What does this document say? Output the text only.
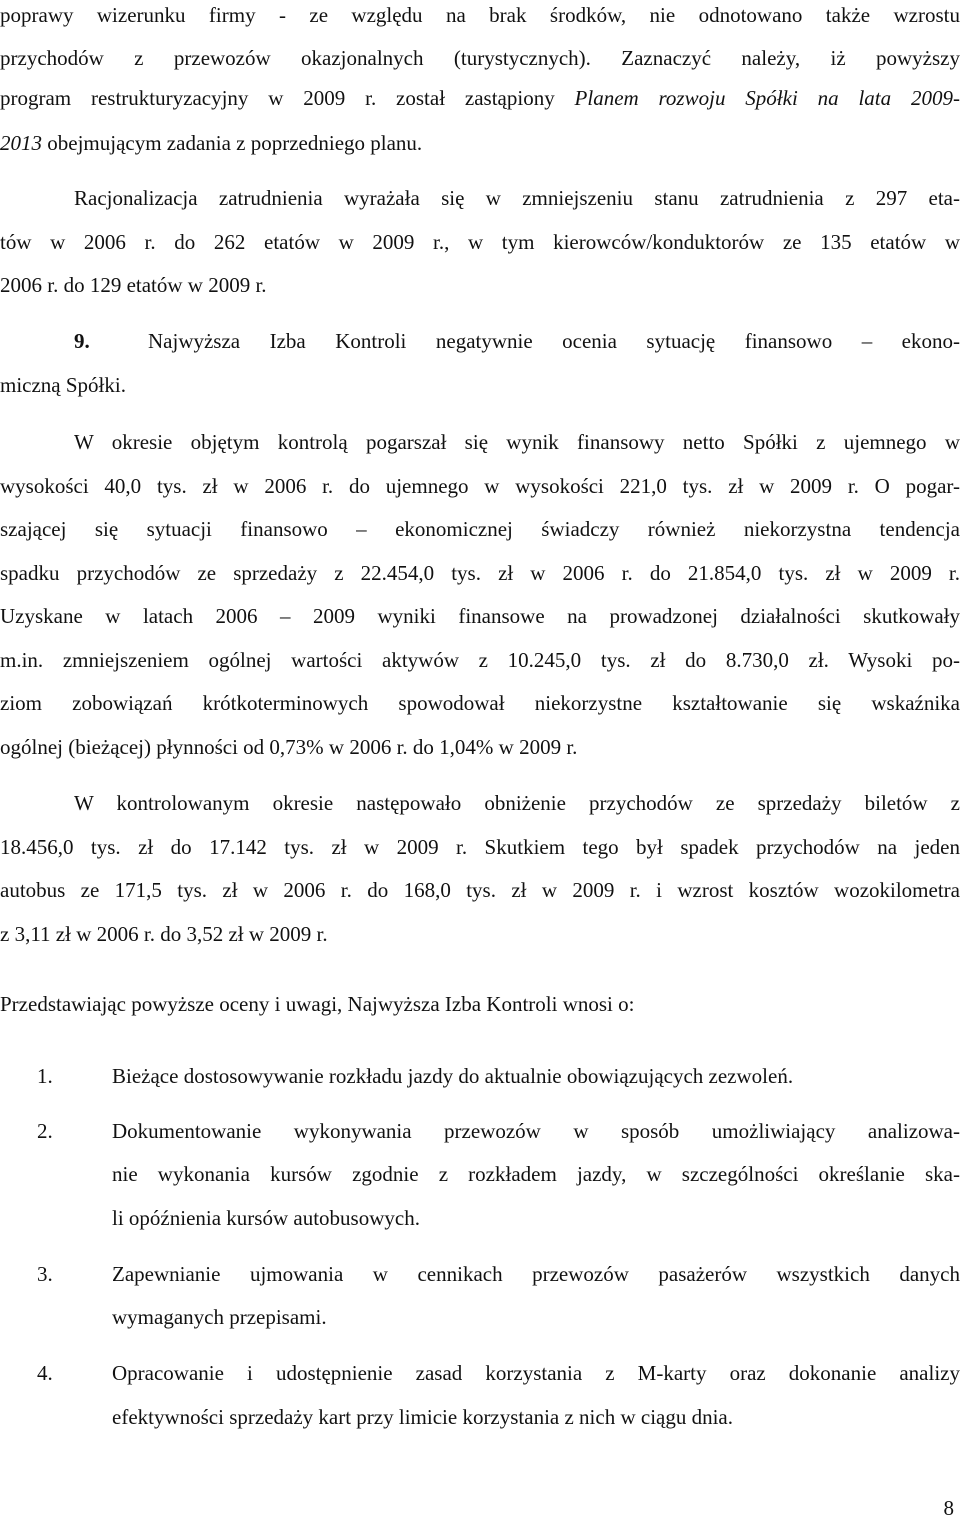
poprawy wizerunku firmy - ze względu na brak środków, nie odnotowano także wzrostu
przychodów z przewozów okazjonalnych (turystycznych). Zaznaczyć należy, iż powyższy
program restrukturyzacyjny w 2009 r. został zastąpiony Planem rozwoju Spółki na lata 2009-
2013 obejmującym zadania z poprzedniego planu.
Racjonalizacja zatrudnienia wyrażała się w zmniejszeniu stanu zatrudnienia z 297 eta-
tów w 2006 r. do 262 etatów w 2009 r., w tym kierowców/konduktorów ze 135 etatów w
2006 r. do 129 etatów w 2009 r.
9.	Najwyższa Izba Kontroli negatywnie ocenia sytuację finansowo – ekono-
miczną Spółki.
W okresie objętym kontrolą pogarszał się wynik finansowy netto Spółki z ujemnego w
wysokości 40,0 tys. zł w 2006 r. do ujemnego w wysokości 221,0 tys. zł w 2009 r. O pogar-
szającej się sytuacji finansowo – ekonomicznej świadczy również niekorzystna tendencja
spadku przychodów ze sprzedaży z 22.454,0 tys. zł w 2006 r. do 21.854,0 tys. zł w 2009 r.
Uzyskane w latach 2006 – 2009 wyniki finansowe na prowadzonej działalności skutkowały
m.in. zmniejszeniem ogólnej wartości aktywów z 10.245,0 tys. zł do 8.730,0 zł. Wysoki po-
ziom zobowiązań krótkoterminowych spowodował niekorzystne kształtowanie się wskaźnika
ogólnej (bieżącej) płynności od 0,73% w 2006 r. do 1,04% w 2009 r.
W kontrolowanym okresie następowało obniżenie przychodów ze sprzedaży biletów z
18.456,0 tys. zł do 17.142 tys. zł w 2009 r. Skutkiem tego był spadek przychodów na jeden
autobus ze 171,5 tys. zł w 2006 r. do 168,0 tys. zł w 2009 r. i wzrost kosztów wozokilometra
z 3,11 zł w 2006 r. do 3,52 zł w 2009 r.
Przedstawiając powyższe oceny i uwagi, Najwyższa Izba Kontroli wnosi o:
1.	Bieżące dostosowywanie rozkładu jazdy do aktualnie obowiązujących zezwoleń.
2.	Dokumentowanie wykonywania przewozów w sposób umożliwiający analizowa-
nie wykonania kursów zgodnie z rozkładem jazdy, w szczególności określanie ska-
li opóźnienia kursów autobusowych.
3.	Zapewnianie ujmowania w cennikach przewozów pasażerów wszystkich danych
wymaganych przepisami.
4.	Opracowanie i udostępnienie zasad korzystania z M-karty oraz dokonanie analizy
efektywności sprzedaży kart przy limicie korzystania z nich w ciągu dnia.
8
